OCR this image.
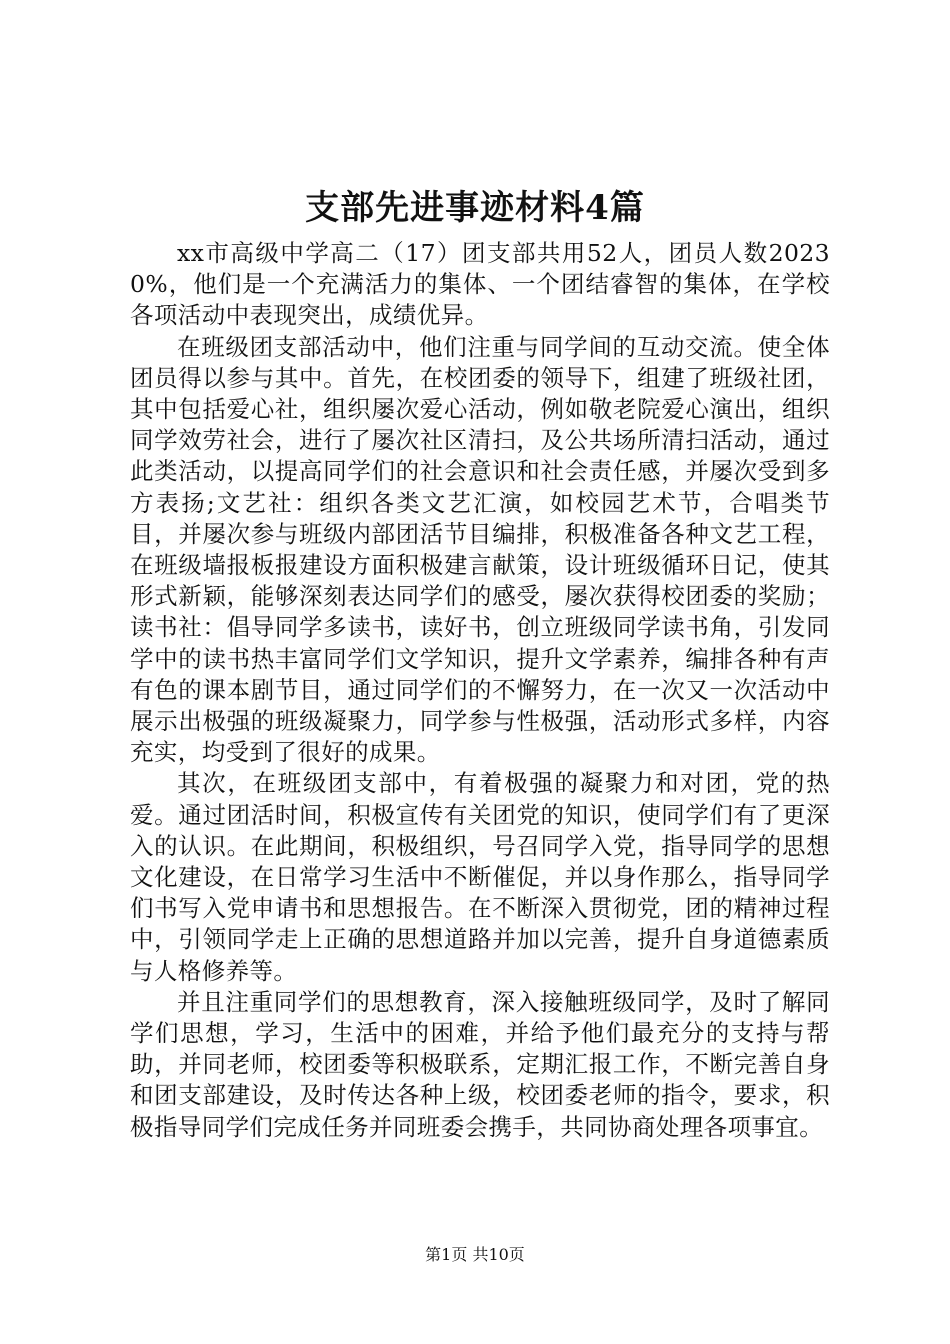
支部先进事迹材料4篇

xx市高级中学高二（17）团支部共用52人，团员人数20230%，他们是一个充满活力的集体、一个团结睿智的集体，在学校各项活动中表现突出，成绩优异。

在班级团支部活动中，他们注重与同学间的互动交流。使全体团员得以参与其中。首先，在校团委的领导下，组建了班级社团，其中包括爱心社，组织屡次爱心活动，例如敬老院爱心演出，组织同学效劳社会，进行了屡次社区清扫，及公共场所清扫活动，通过此类活动，以提高同学们的社会意识和社会责任感，并屡次受到多方表扬;文艺社：组织各类文艺汇演，如校园艺术节，合唱类节目，并屡次参与班级内部团活节目编排，积极准备各种文艺工程，在班级墙报板报建设方面积极建言献策，设计班级循环日记，使其形式新颖，能够深刻表达同学们的感受，屡次获得校团委的奖励；读书社：倡导同学多读书，读好书，创立班级同学读书角，引发同学中的读书热丰富同学们文学知识，提升文学素养，编排各种有声有色的课本剧节目，通过同学们的不懈努力，在一次又一次活动中展示出极强的班级凝聚力，同学参与性极强，活动形式多样，内容充实，均受到了很好的成果。

其次，在班级团支部中，有着极强的凝聚力和对团，党的热爱。通过团活时间，积极宣传有关团党的知识，使同学们有了更深入的认识。在此期间，积极组织，号召同学入党，指导同学的思想文化建设，在日常学习生活中不断催促，并以身作那么，指导同学们书写入党申请书和思想报告。在不断深入贯彻党，团的精神过程中，引领同学走上正确的思想道路并加以完善，提升自身道德素质与人格修养等。

并且注重同学们的思想教育，深入接触班级同学，及时了解同学们思想，学习，生活中的困难，并给予他们最充分的支持与帮助，并同老师，校团委等积极联系，定期汇报工作，不断完善自身和团支部建设，及时传达各种上级，校团委老师的指令，要求，积极指导同学们完成任务并同班委会携手，共同协商处理各项事宜。

第1页 共10页
